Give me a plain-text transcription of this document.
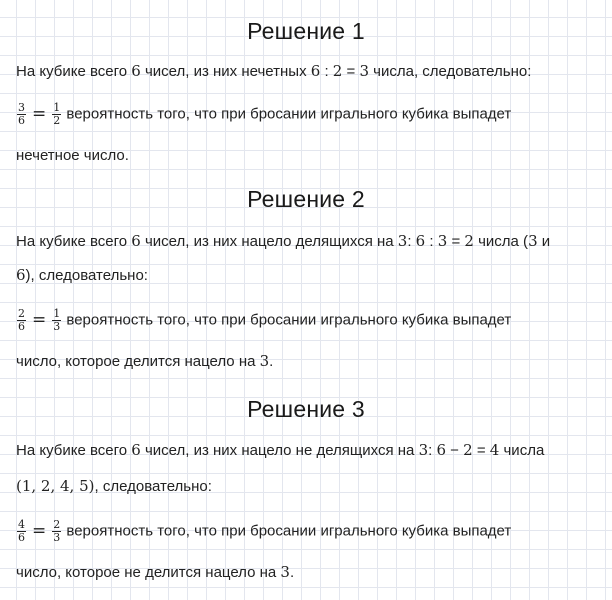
Решение 1
На кубике всего 6 чисел, из них нечетных 6 : 2 = 3 числа, следовательно:
$\frac{3}{6} = \frac{1}{2}$ вероятность того, что при бросании игрального кубика выпадет
нечетное число.
Решение 2
На кубике всего 6 чисел, из них нацело делящихся на 3: 6 : 3 = 2 числа (3 и
6), следовательно:
$\frac{2}{6} = \frac{1}{3}$ вероятность того, что при бросании игрального кубика выпадет
число, которое делится нацело на 3.
Решение 3
На кубике всего 6 чисел, из них нацело не делящихся на 3: 6 − 2 = 4 числа
(1, 2, 4, 5), следовательно:
$\frac{4}{6} = \frac{2}{3}$ вероятность того, что при бросании игрального кубика выпадет
число, которое не делится нацело на 3.
